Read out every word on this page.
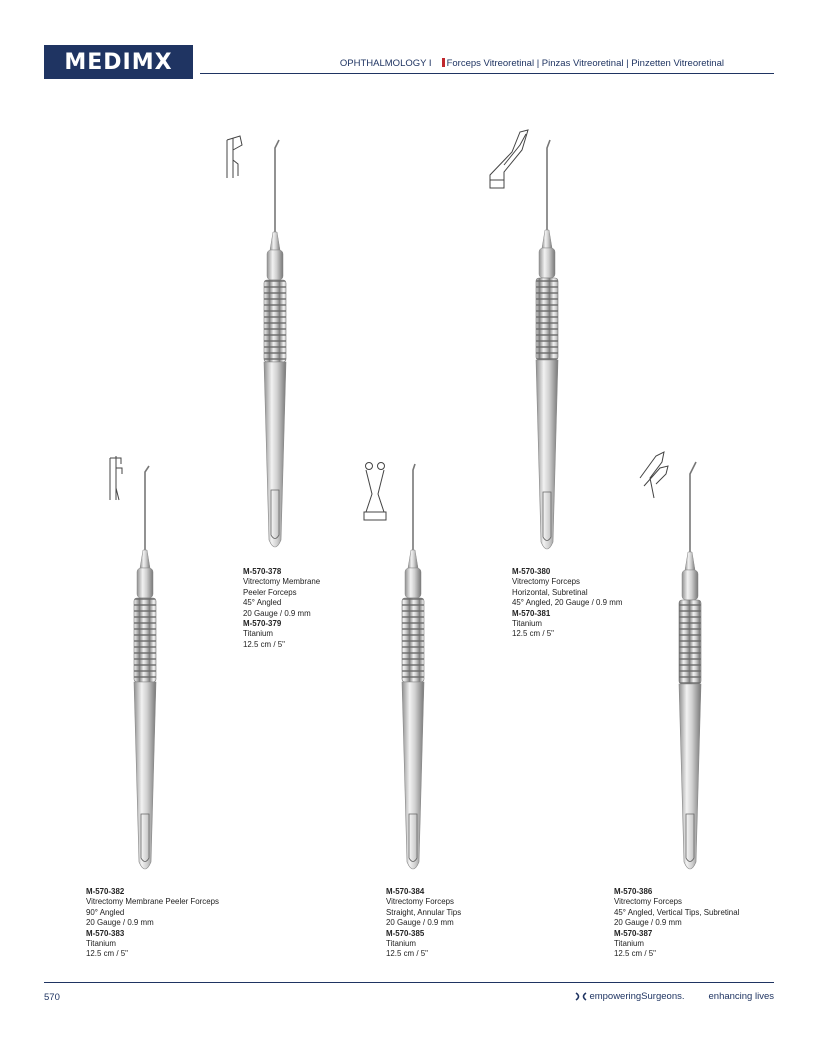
MEDIMX	OPHTHALMOLOGY I Forceps Vitreoretinal | Pinzas Vitreoretinal | Pinzetten Vitreoretinal
M-570-378
Vitrectomy Membrane
Peeler Forceps
45° Angled
20 Gauge / 0.9 mm
M-570-379
Titanium
12.5 cm / 5"
M-570-380
Vitrectomy Forceps
Horizontal, Subretinal
45° Angled, 20 Gauge / 0.9 mm
M-570-381
Titanium
12.5 cm / 5"
M-570-382
Vitrectomy Membrane Peeler Forceps
90° Angled
20 Gauge / 0.9 mm
M-570-383
Titanium
12.5 cm / 5"
M-570-384
Vitrectomy Forceps
Straight, Annular Tips
20 Gauge / 0.9 mm
M-570-385
Titanium
12.5 cm / 5"
M-570-386
Vitrectomy Forceps
45° Angled, Vertical Tips, Subretinal
20 Gauge / 0.9 mm
M-570-387
Titanium
12.5 cm / 5"
570	empoweringSurgeons.	enhancing lives
